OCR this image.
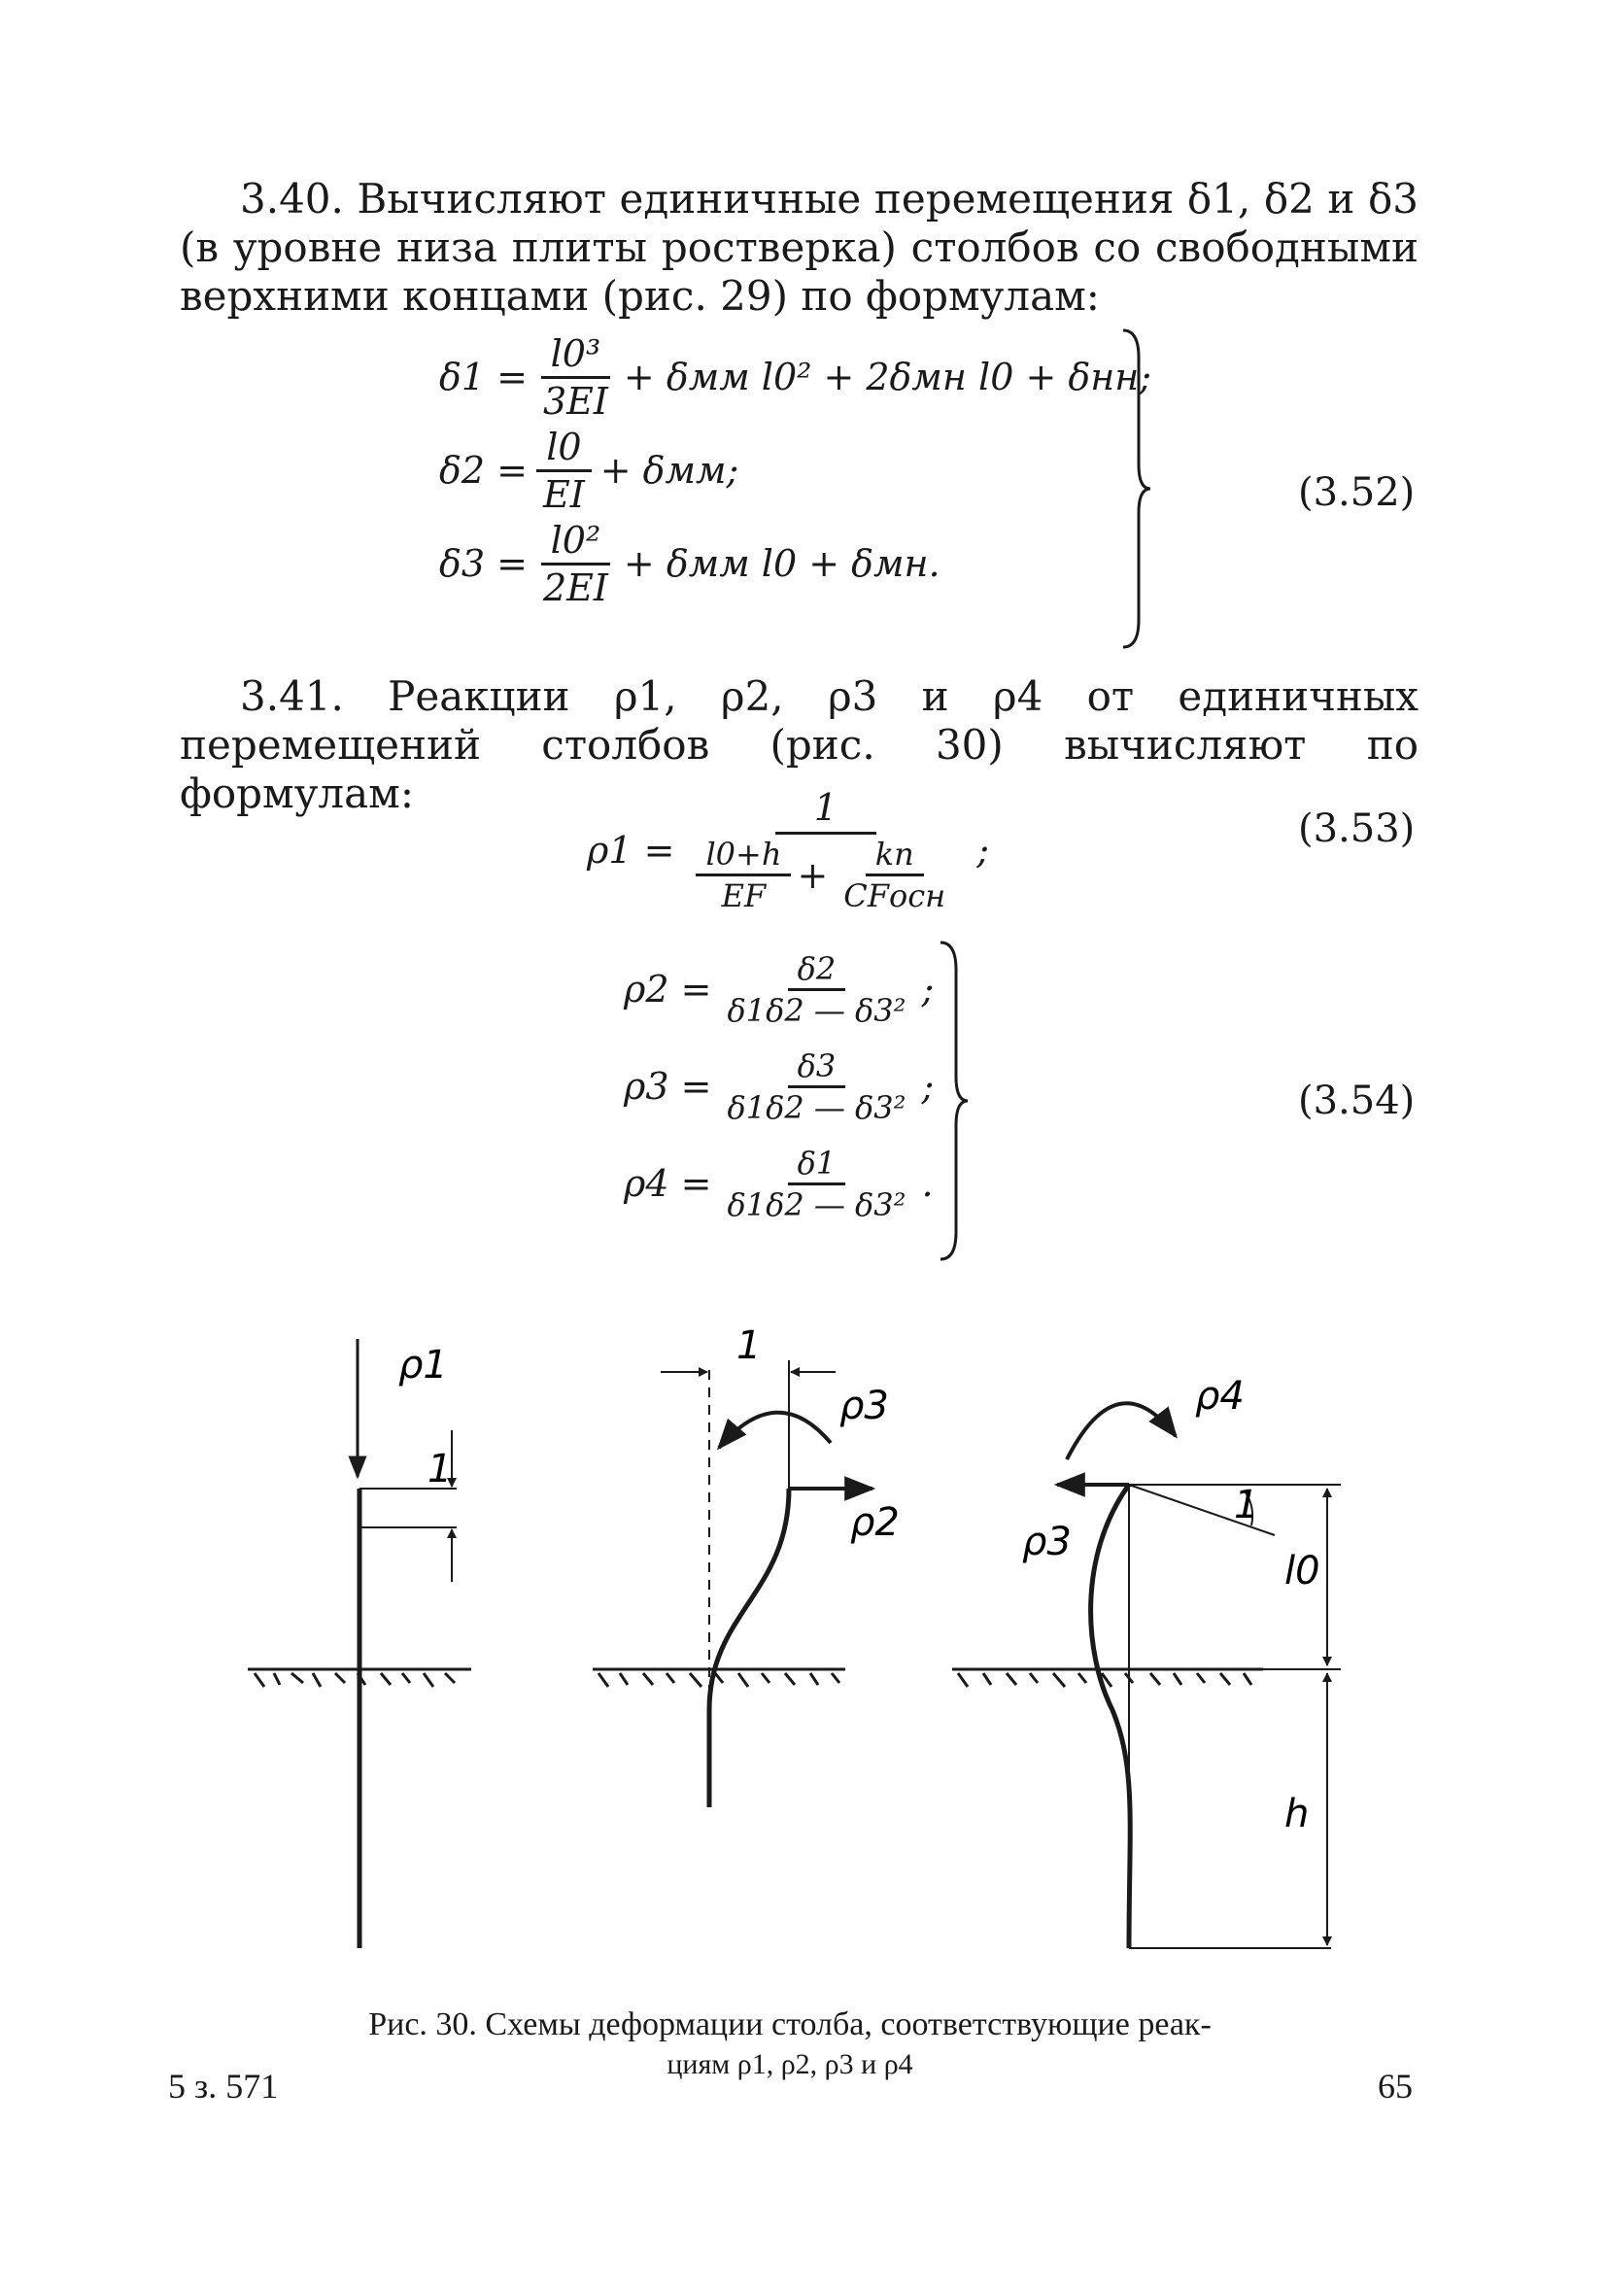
3.40. Вычисляют единичные перемещения δ1, δ2 и δ3 (в уровне низа плиты ростверка) столбов со свободными верхними концами (рис. 29) по формулам:
$\delta 1 = \frac{\text{l0³}}{3EI} + \delta мм$ l0² + 2δмн l0 + δнн;
$\delta 2 = \frac{l0}{EI} + \delta мм$;
$\delta 3 = \frac{\text{l0²}}{2EI} + \delta мм$ l0 + δмн.
(3.52)
3.41. Реакции ρ1, ρ2, ρ3 и ρ4 от единичных перемещений столбов (рис. 30) вычисляют по формулам:
ρ1 =
1
$\frac{l0+h}{EF} + \frac{kп}{\text{CFосн}}$ ;	(3.53)
$\rho 2 = \frac{\delta 2}{\text{δ1δ2 — δ3²}}$ ;
$\rho 3 = \frac{\delta 3}{\text{δ1δ2 — δ3²}}$ ;
$\rho 4 = \frac{\delta 1}{\text{δ1δ2 — δ3²}}$ .
(3.54)
ρ1
1
1
ρ3
ρ2
ρ4
ρ3
1
l0
h
Рис. 30. Схемы деформации столба, соответствующие реак-
циям ρ1, ρ2, ρ3 и ρ4
5 з. 571	65
